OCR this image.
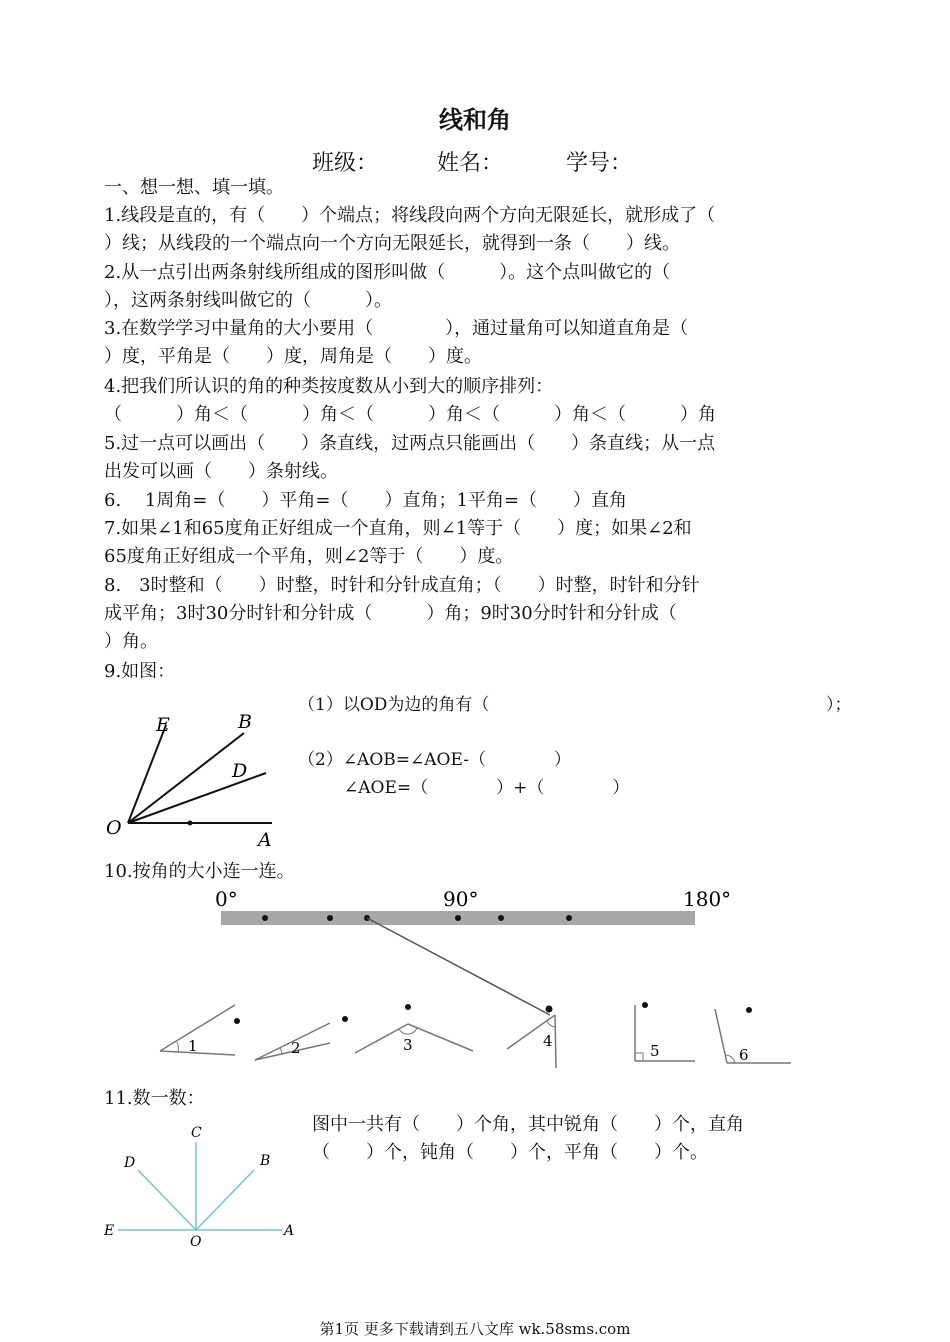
线和角
班级：	姓名：	学号：
一、想一想、填一填。
1.线段是直的，有（　　）个端点；将线段向两个方向无限延长，就形成了（
）线；从线段的一个端点向一个方向无限延长，就得到一条（　　）线。
2.从一点引出两条射线所组成的图形叫做（　　　）。这个点叫做它的（
），这两条射线叫做它的（　　　）。
3.在数学学习中量角的大小要用（　　　　），通过量角可以知道直角是（
）度，平角是（　　）度，周角是（　　）度。
4.把我们所认识的角的种类按度数从小到大的顺序排列：
（　　　）角＜（　　　）角＜（　　　）角＜（　　　）角＜（　　　）角
5.过一点可以画出（　　）条直线，过两点只能画出（　　）条直线；从一点
出发可以画（　　）条射线。
6.　 1周角=（　　）平角=（　　）直角；1平角=（　　）直角
7.如果∠1和65度角正好组成一个直角，则∠1等于（　　）度；如果∠2和
65度角正好组成一个平角，则∠2等于（　　）度。
8.　3时整和（　　）时整，时针和分针成直角；（　　）时整，时针和分针
成平角；3时30分时针和分针成（　　　）角；9时30分时针和分针成（
）角。
9.如图：
E	B
D
O
A
（1）以OD为边的角有（	）；
（2）∠AOB=∠AOE-（　　　　）
∠AOE=（　　　　）+（　　　　）
10.按角的大小连一连。
0°	90°	180°
1	2	3	4
5	6
11.数一数：
C
D	B
E
O
A
图中一共有（　　）个角，其中锐角（　　）个，直角
（　　）个，钝角（　　）个，平角（　　）个。
第1页 更多下载请到五八文库 wk.58sms.com
